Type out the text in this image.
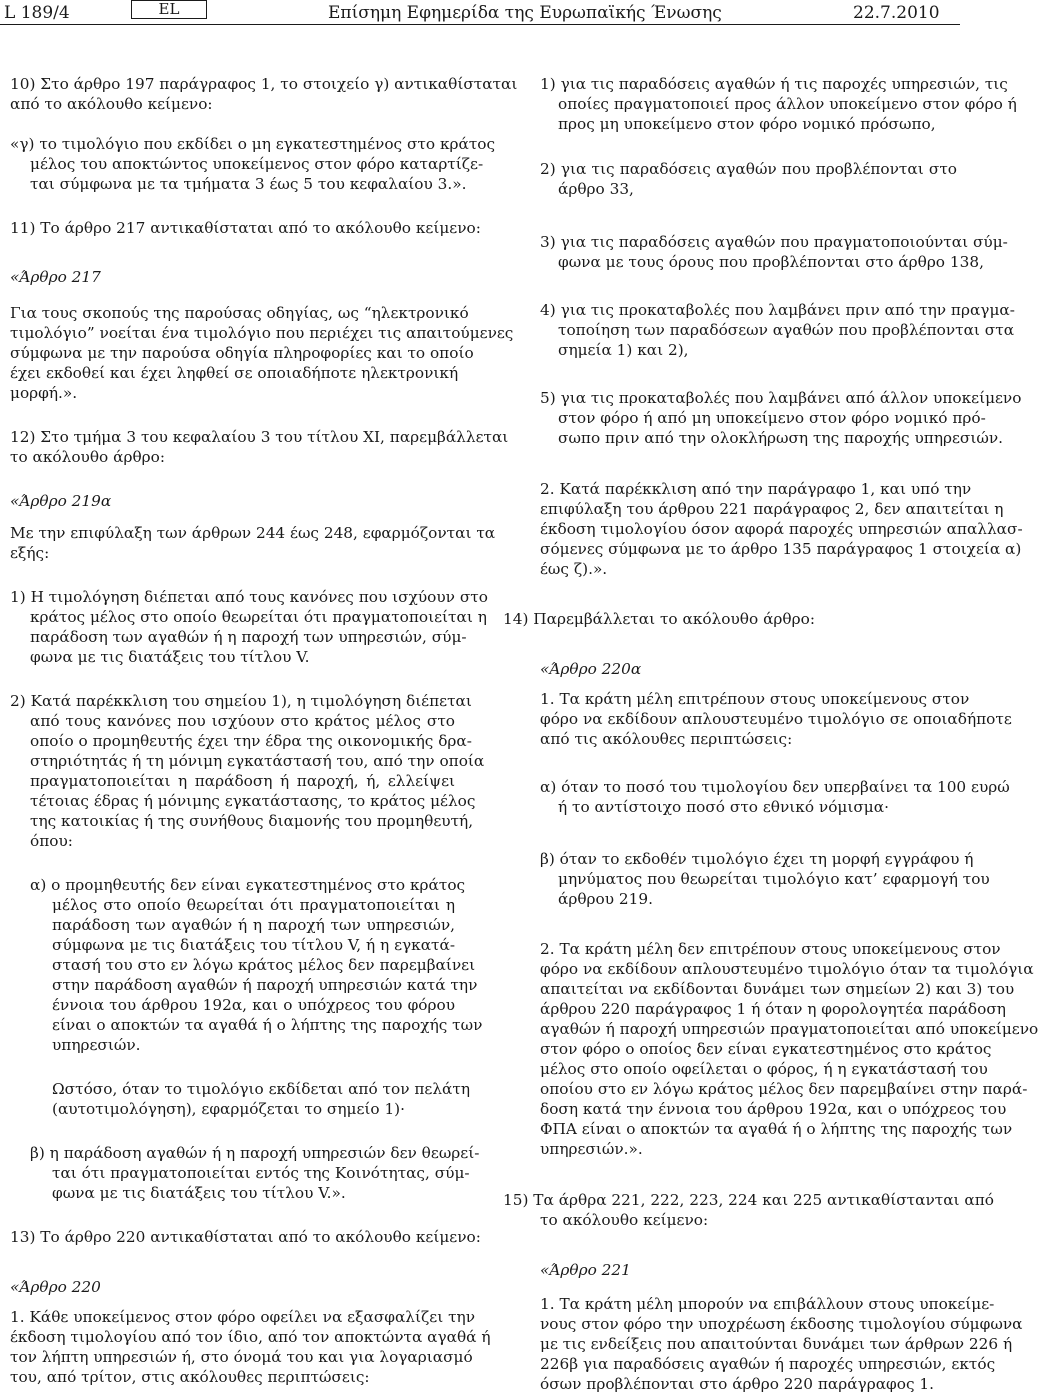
L 189/4	EL	Επίσημη Εφημερίδα της Ευρωπαϊκής Ένωσης	22.7.2010
10) Στο άρθρο 197 παράγραφος 1, το στοιχείο γ) αντικαθίσταται
από το ακόλουθο κείμενο:
«γ) το τιμολόγιο που εκδίδει ο μη εγκατεστημένος στο κράτος
μέλος του αποκτώντος υποκείμενος στον φόρο καταρτίζε-
ται σύμφωνα με τα τμήματα 3 έως 5 του κεφαλαίου 3.».
11) Το άρθρο 217 αντικαθίσταται από το ακόλουθο κείμενο:
«Άρθρο 217
Για τους σκοπούς της παρούσας οδηγίας, ως “ηλεκτρονικό
τιμολόγιο” νοείται ένα τιμολόγιο που περιέχει τις απαιτούμενες
σύμφωνα με την παρούσα οδηγία πληροφορίες και το οποίο
έχει εκδοθεί και έχει ληφθεί σε οποιαδήποτε ηλεκτρονική
μορφή.».
12) Στο τμήμα 3 του κεφαλαίου 3 του τίτλου XI, παρεμβάλλεται
το ακόλουθο άρθρο:
«Άρθρο 219α
Με την επιφύλαξη των άρθρων 244 έως 248, εφαρμόζονται τα
εξής:
1) Η τιμολόγηση διέπεται από τους κανόνες που ισχύουν στο
κράτος μέλος στο οποίο θεωρείται ότι πραγματοποιείται η
παράδοση των αγαθών ή η παροχή των υπηρεσιών, σύμ-
φωνα με τις διατάξεις του τίτλου V.
2) Κατά παρέκκλιση του σημείου 1), η τιμολόγηση διέπεται
από τους κανόνες που ισχύουν στο κράτος μέλος στο
οποίο ο προμηθευτής έχει την έδρα της οικονομικής δρα-
στηριότητάς ή τη μόνιμη εγκατάστασή του, από την οποία
πραγματοποιείται η παράδοση ή παροχή, ή, ελλείψει
τέτοιας έδρας ή μόνιμης εγκατάστασης, το κράτος μέλος
της κατοικίας ή της συνήθους διαμονής του προμηθευτή,
όπου:
α) ο προμηθευτής δεν είναι εγκατεστημένος στο κράτος
μέλος στο οποίο θεωρείται ότι πραγματοποιείται η
παράδοση των αγαθών ή η παροχή των υπηρεσιών,
σύμφωνα με τις διατάξεις του τίτλου V, ή η εγκατά-
στασή του στο εν λόγω κράτος μέλος δεν παρεμβαίνει
στην παράδοση αγαθών ή παροχή υπηρεσιών κατά την
έννοια του άρθρου 192α, και ο υπόχρεος του φόρου
είναι ο αποκτών τα αγαθά ή ο λήπτης της παροχής των
υπηρεσιών.
Ωστόσο, όταν το τιμολόγιο εκδίδεται από τον πελάτη
(αυτοτιμολόγηση), εφαρμόζεται το σημείο 1)·
β) η παράδοση αγαθών ή η παροχή υπηρεσιών δεν θεωρεί-
ται ότι πραγματοποιείται εντός της Κοινότητας, σύμ-
φωνα με τις διατάξεις του τίτλου V.».
13) Το άρθρο 220 αντικαθίσταται από το ακόλουθο κείμενο:
«Άρθρο 220
1. Κάθε υποκείμενος στον φόρο οφείλει να εξασφαλίζει την
έκδοση τιμολογίου από τον ίδιο, από τον αποκτώντα αγαθά ή
τον λήπτη υπηρεσιών ή, στο όνομά του και για λογαριασμό
του, από τρίτον, στις ακόλουθες περιπτώσεις:
1) για τις παραδόσεις αγαθών ή τις παροχές υπηρεσιών, τις
οποίες πραγματοποιεί προς άλλον υποκείμενο στον φόρο ή
προς μη υποκείμενο στον φόρο νομικό πρόσωπο,
2) για τις παραδόσεις αγαθών που προβλέπονται στο
άρθρο 33,
3) για τις παραδόσεις αγαθών που πραγματοποιούνται σύμ-
φωνα με τους όρους που προβλέπονται στο άρθρο 138,
4) για τις προκαταβολές που λαμβάνει πριν από την πραγμα-
τοποίηση των παραδόσεων αγαθών που προβλέπονται στα
σημεία 1) και 2),
5) για τις προκαταβολές που λαμβάνει από άλλον υποκείμενο
στον φόρο ή από μη υποκείμενο στον φόρο νομικό πρό-
σωπο πριν από την ολοκλήρωση της παροχής υπηρεσιών.
2. Κατά παρέκκλιση από την παράγραφο 1, και υπό την
επιφύλαξη του άρθρου 221 παράγραφος 2, δεν απαιτείται η
έκδοση τιμολογίου όσον αφορά παροχές υπηρεσιών απαλλασ-
σόμενες σύμφωνα με το άρθρο 135 παράγραφος 1 στοιχεία α)
έως ζ).».
14) Παρεμβάλλεται το ακόλουθο άρθρο:
«Άρθρο 220α
1. Τα κράτη μέλη επιτρέπουν στους υποκείμενους στον
φόρο να εκδίδουν απλουστευμένο τιμολόγιο σε οποιαδήποτε
από τις ακόλουθες περιπτώσεις:
α) όταν το ποσό του τιμολογίου δεν υπερβαίνει τα 100 ευρώ
ή το αντίστοιχο ποσό στο εθνικό νόμισμα·
β) όταν το εκδοθέν τιμολόγιο έχει τη μορφή εγγράφου ή
μηνύματος που θεωρείται τιμολόγιο κατ’ εφαρμογή του
άρθρου 219.
2. Τα κράτη μέλη δεν επιτρέπουν στους υποκείμενους στον
φόρο να εκδίδουν απλουστευμένο τιμολόγιο όταν τα τιμολόγια
απαιτείται να εκδίδονται δυνάμει των σημείων 2) και 3) του
άρθρου 220 παράγραφος 1 ή όταν η φορολογητέα παράδοση
αγαθών ή παροχή υπηρεσιών πραγματοποιείται από υποκείμενο
στον φόρο ο οποίος δεν είναι εγκατεστημένος στο κράτος
μέλος στο οποίο οφείλεται ο φόρος, ή η εγκατάστασή του
οποίου στο εν λόγω κράτος μέλος δεν παρεμβαίνει στην παρά-
δοση κατά την έννοια του άρθρου 192α, και ο υπόχρεος του
ΦΠΑ είναι ο αποκτών τα αγαθά ή ο λήπτης της παροχής των
υπηρεσιών.».
15) Τα άρθρα 221, 222, 223, 224 και 225 αντικαθίστανται από
το ακόλουθο κείμενο:
«Άρθρο 221
1. Τα κράτη μέλη μπορούν να επιβάλλουν στους υποκείμε-
νους στον φόρο την υποχρέωση έκδοσης τιμολογίου σύμφωνα
με τις ενδείξεις που απαιτούνται δυνάμει των άρθρων 226 ή
226β για παραδόσεις αγαθών ή παροχές υπηρεσιών, εκτός
όσων προβλέπονται στο άρθρο 220 παράγραφος 1.
